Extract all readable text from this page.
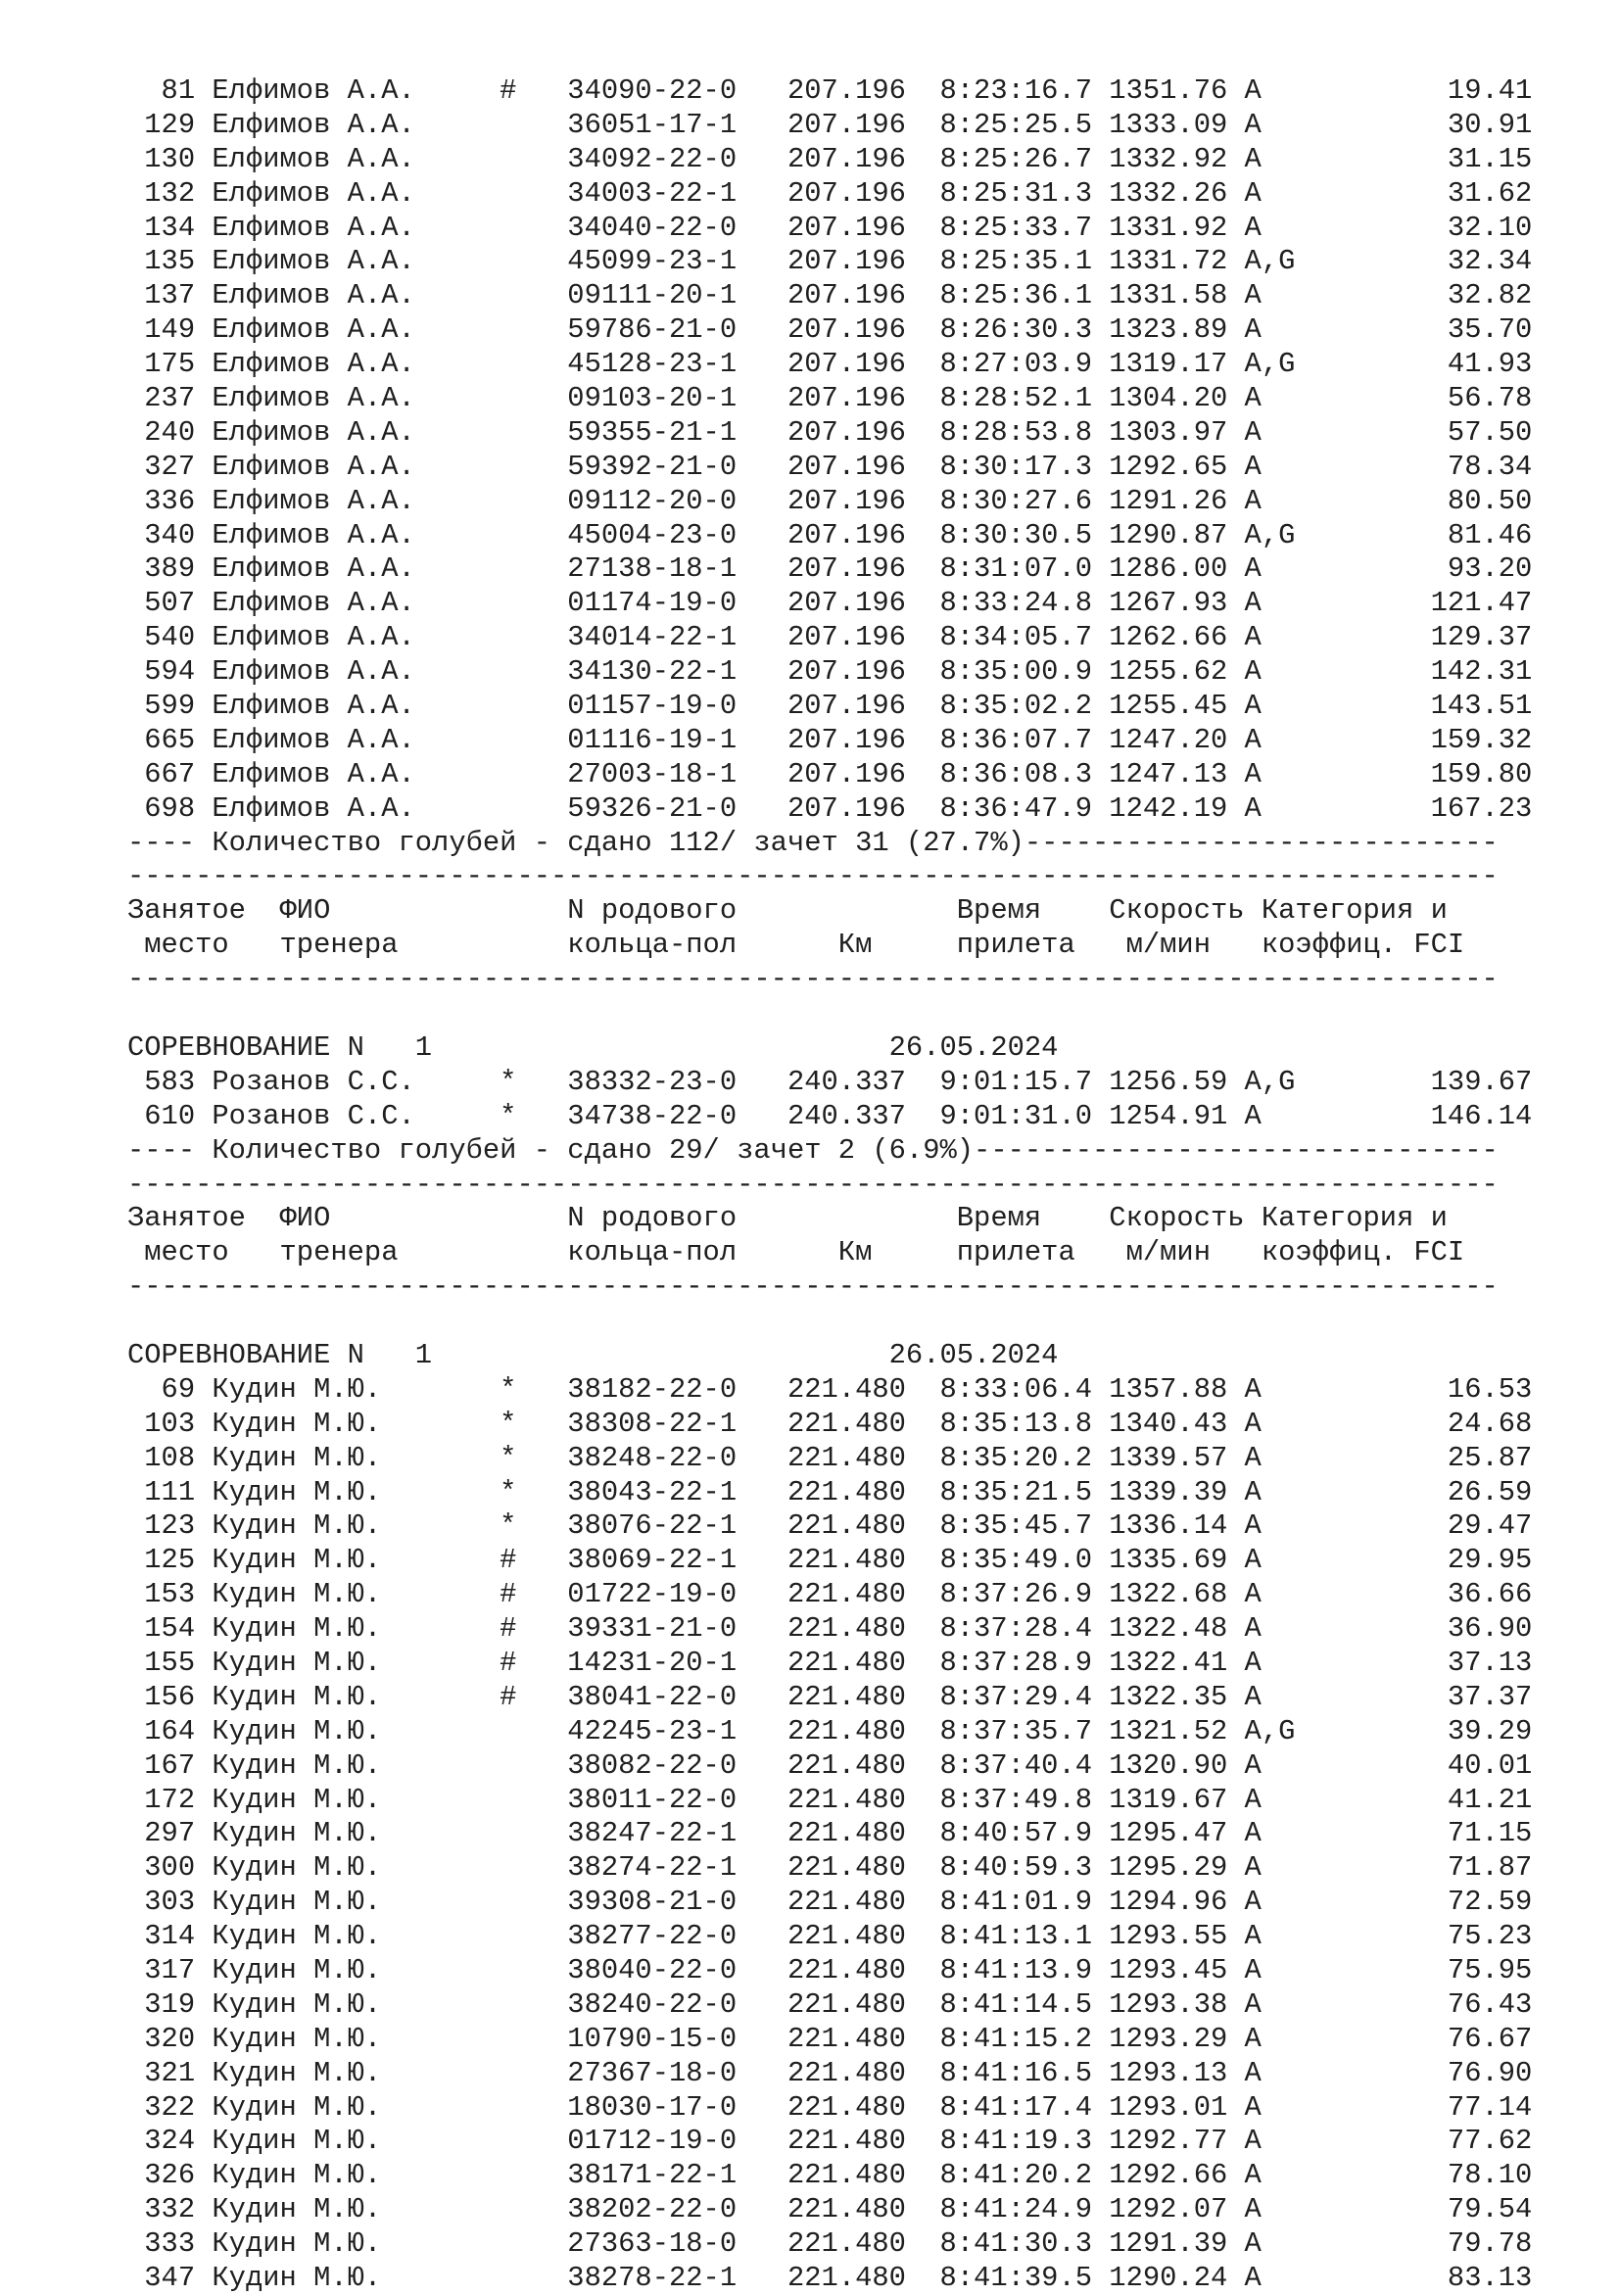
81 Елфимов А.А.     #   34090-22-0   207.196  8:23:16.7 1351.76 A           19.41
129 Елфимов А.А.         36051-17-1   207.196  8:25:25.5 1333.09 A           30.91
130 Елфимов А.А.         34092-22-0   207.196  8:25:26.7 1332.92 A           31.15
132 Елфимов А.А.         34003-22-1   207.196  8:25:31.3 1332.26 A           31.62
134 Елфимов А.А.         34040-22-0   207.196  8:25:33.7 1331.92 A           32.10
135 Елфимов А.А.         45099-23-1   207.196  8:25:35.1 1331.72 A,G         32.34
137 Елфимов А.А.         09111-20-1   207.196  8:25:36.1 1331.58 A           32.82
149 Елфимов А.А.         59786-21-0   207.196  8:26:30.3 1323.89 A           35.70
175 Елфимов А.А.         45128-23-1   207.196  8:27:03.9 1319.17 A,G         41.93
237 Елфимов А.А.         09103-20-1   207.196  8:28:52.1 1304.20 A           56.78
240 Елфимов А.А.         59355-21-1   207.196  8:28:53.8 1303.97 A           57.50
327 Елфимов А.А.         59392-21-0   207.196  8:30:17.3 1292.65 A           78.34
336 Елфимов А.А.         09112-20-0   207.196  8:30:27.6 1291.26 A           80.50
340 Елфимов А.А.         45004-23-0   207.196  8:30:30.5 1290.87 A,G         81.46
389 Елфимов А.А.         27138-18-1   207.196  8:31:07.0 1286.00 A           93.20
507 Елфимов А.А.         01174-19-0   207.196  8:33:24.8 1267.93 A          121.47
540 Елфимов А.А.         34014-22-1   207.196  8:34:05.7 1262.66 A          129.37
594 Елфимов А.А.         34130-22-1   207.196  8:35:00.9 1255.62 A          142.31
599 Елфимов А.А.         01157-19-0   207.196  8:35:02.2 1255.45 A          143.51
665 Елфимов А.А.         01116-19-1   207.196  8:36:07.7 1247.20 A          159.32
667 Елфимов А.А.         27003-18-1   207.196  8:36:08.3 1247.13 A          159.80
698 Елфимов А.А.         59326-21-0   207.196  8:36:47.9 1242.19 A          167.23
---- Количество голубей - сдано 112/ зачет 31 (27.7%)----------------------------
---------------------------------------------------------------------------------
Занятое  ФИО              N родового             Время    Скорость Категория и
место   тренера          кольца-пол      Км     прилета   м/мин   коэффиц. FCI
---------------------------------------------------------------------------------
СОРЕВНОВАНИЕ N   1                           26.05.2024
583 Розанов С.С.     *   38332-23-0   240.337  9:01:15.7 1256.59 A,G        139.67
610 Розанов С.С.     *   34738-22-0   240.337  9:01:31.0 1254.91 A          146.14
---- Количество голубей - сдано 29/ зачет 2 (6.9%)-------------------------------
---------------------------------------------------------------------------------
Занятое  ФИО              N родового             Время    Скорость Категория и
место   тренера          кольца-пол      Км     прилета   м/мин   коэффиц. FCI
---------------------------------------------------------------------------------
СОРЕВНОВАНИЕ N   1                           26.05.2024
69 Кудин М.Ю.       *   38182-22-0   221.480  8:33:06.4 1357.88 A           16.53
103 Кудин М.Ю.       *   38308-22-1   221.480  8:35:13.8 1340.43 A           24.68
108 Кудин М.Ю.       *   38248-22-0   221.480  8:35:20.2 1339.57 A           25.87
111 Кудин М.Ю.       *   38043-22-1   221.480  8:35:21.5 1339.39 A           26.59
123 Кудин М.Ю.       *   38076-22-1   221.480  8:35:45.7 1336.14 A           29.47
125 Кудин М.Ю.       #   38069-22-1   221.480  8:35:49.0 1335.69 A           29.95
153 Кудин М.Ю.       #   01722-19-0   221.480  8:37:26.9 1322.68 A           36.66
154 Кудин М.Ю.       #   39331-21-0   221.480  8:37:28.4 1322.48 A           36.90
155 Кудин М.Ю.       #   14231-20-1   221.480  8:37:28.9 1322.41 A           37.13
156 Кудин М.Ю.       #   38041-22-0   221.480  8:37:29.4 1322.35 A           37.37
164 Кудин М.Ю.           42245-23-1   221.480  8:37:35.7 1321.52 A,G         39.29
167 Кудин М.Ю.           38082-22-0   221.480  8:37:40.4 1320.90 A           40.01
172 Кудин М.Ю.           38011-22-0   221.480  8:37:49.8 1319.67 A           41.21
297 Кудин М.Ю.           38247-22-1   221.480  8:40:57.9 1295.47 A           71.15
300 Кудин М.Ю.           38274-22-1   221.480  8:40:59.3 1295.29 A           71.87
303 Кудин М.Ю.           39308-21-0   221.480  8:41:01.9 1294.96 A           72.59
314 Кудин М.Ю.           38277-22-0   221.480  8:41:13.1 1293.55 A           75.23
317 Кудин М.Ю.           38040-22-0   221.480  8:41:13.9 1293.45 A           75.95
319 Кудин М.Ю.           38240-22-0   221.480  8:41:14.5 1293.38 A           76.43
320 Кудин М.Ю.           10790-15-0   221.480  8:41:15.2 1293.29 A           76.67
321 Кудин М.Ю.           27367-18-0   221.480  8:41:16.5 1293.13 A           76.90
322 Кудин М.Ю.           18030-17-0   221.480  8:41:17.4 1293.01 A           77.14
324 Кудин М.Ю.           01712-19-0   221.480  8:41:19.3 1292.77 A           77.62
326 Кудин М.Ю.           38171-22-1   221.480  8:41:20.2 1292.66 A           78.10
332 Кудин М.Ю.           38202-22-0   221.480  8:41:24.9 1292.07 A           79.54
333 Кудин М.Ю.           27363-18-0   221.480  8:41:30.3 1291.39 A           79.78
347 Кудин М.Ю.           38278-22-1   221.480  8:41:39.5 1290.24 A           83.13
